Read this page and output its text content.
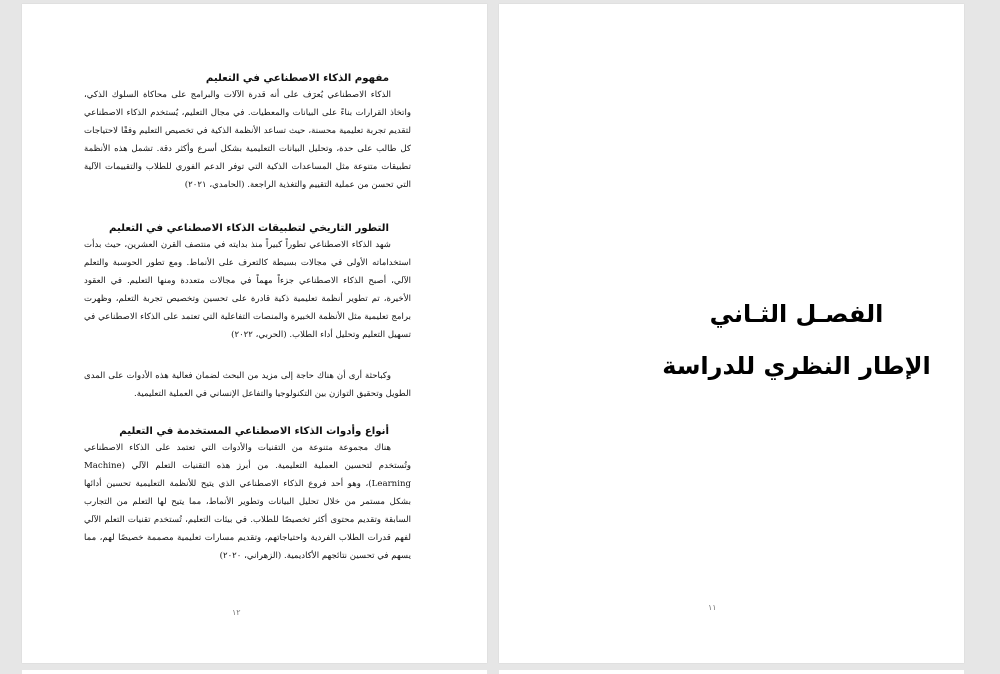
مفهوم الذكاء الاصطناعي في التعليم

الذكاء الاصطناعي يُعرَف على أنه قدرة الآلات والبرامج على محاكاة السلوك الذكي، واتخاذ القرارات بناءً على البيانات والمعطيات. في مجال التعليم، يُستخدم الذكاء الاصطناعي لتقديم تجربة تعليمية محسنة، حيث تساعد الأنظمة الذكية في تخصيص التعليم وفقًا لاحتياجات كل طالب على حدة، وتحليل البيانات التعليمية بشكل أسرع وأكثر دقة. تشمل هذه الأنظمة تطبيقات متنوعة مثل المساعدات الذكية التي توفر الدعم الفوري للطلاب والتقييمات الآلية التي تحسن من عملية التقييم والتغذية الراجعة. (الحامدي، ٢٠٢١)

التطور التاريخي لتطبيقات الذكاء الاصطناعي في التعليم

شهد الذكاء الاصطناعي تطوراً كبيراً منذ بدايته في منتصف القرن العشرين، حيث بدأت استخداماته الأولى في مجالات بسيطة كالتعرف على الأنماط. ومع تطور الحوسبة والتعلم الآلي، أصبح الذكاء الاصطناعي جزءاً مهماً في مجالات متعددة ومنها التعليم. في العقود الأخيرة، تم تطوير أنظمة تعليمية ذكية قادرة على تحسين وتخصيص تجربة التعلم، وظهرت برامج تعليمية مثل الأنظمة الخبيرة والمنصات التفاعلية التي تعتمد على الذكاء الاصطناعي في تسهيل التعليم وتحليل أداء الطلاب. (الحربي، ٢٠٢٢)

وكباحثة أرى أن هناك حاجة إلى مزيد من البحث لضمان فعالية هذه الأدوات على المدى الطويل وتحقيق التوازن بين التكنولوجيا والتفاعل الإنساني في العملية التعليمية.

أنواع وأدوات الذكاء الاصطناعي المستخدمة في التعليم

هناك مجموعة متنوعة من التقنيات والأدوات التي تعتمد على الذكاء الاصطناعي وتُستخدم لتحسين العملية التعليمية. من أبرز هذه التقنيات التعلم الآلي (Machine Learning)، وهو أحد فروع الذكاء الاصطناعي الذي يتيح للأنظمة التعليمية تحسين أدائها بشكل مستمر من خلال تحليل البيانات وتطوير الأنماط، مما يتيح لها التعلم من التجارب السابقة وتقديم محتوى أكثر تخصيصًا للطلاب. في بيئات التعليم، تُستخدم تقنيات التعلم الآلي لفهم قدرات الطلاب الفردية واحتياجاتهم، وتقديم مسارات تعليمية مصممة خصيصًا لهم، مما يسهم في تحسين نتائجهم الأكاديمية. (الزهراني، ٢٠٢٠)

١٢
الفصـل الثـاني
الإطار النظري للدراسة
١١
